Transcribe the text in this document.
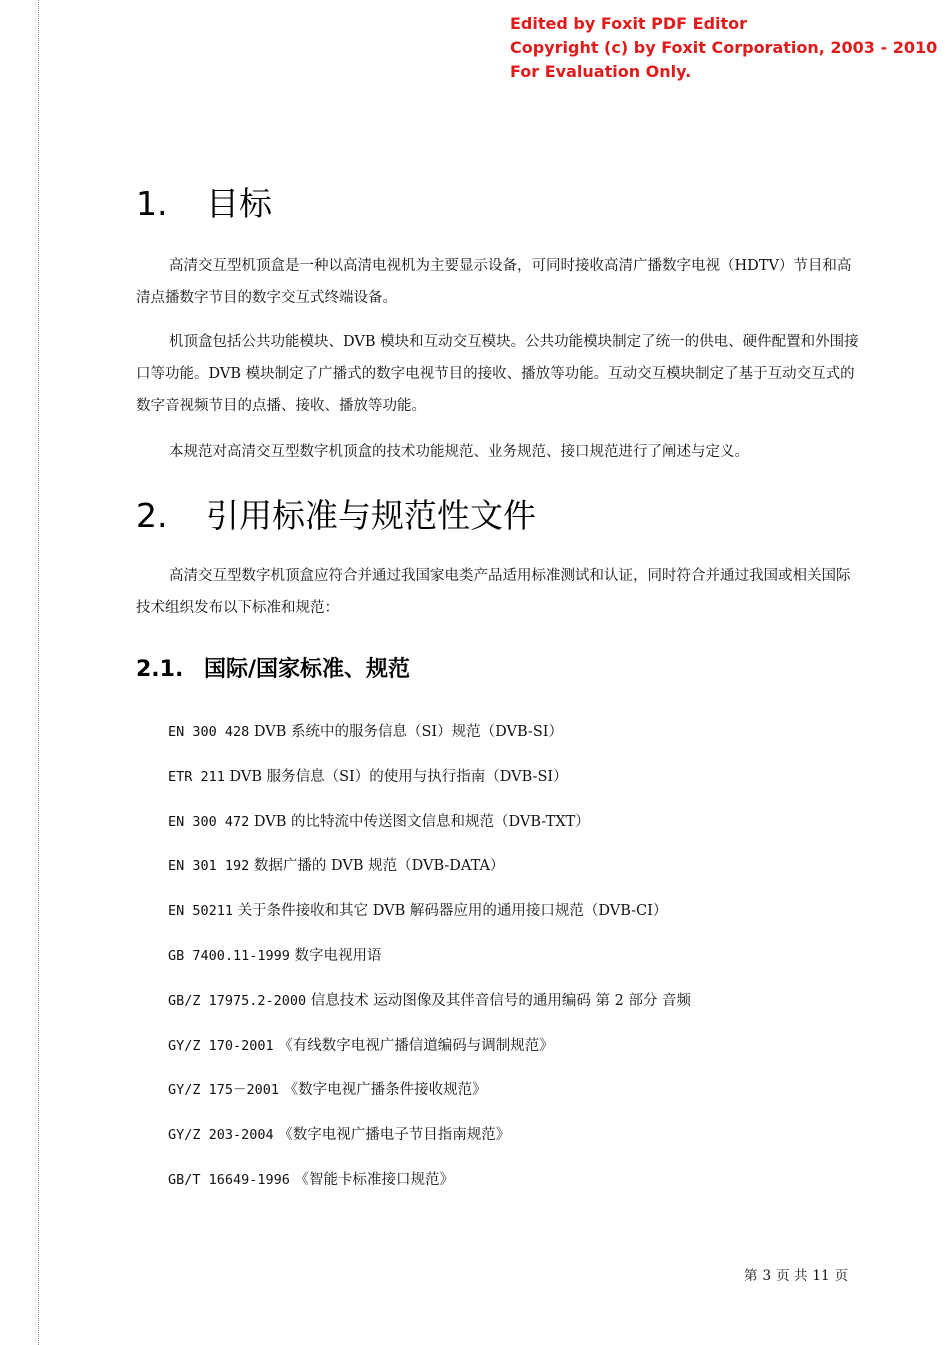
Edited by Foxit PDF Editor
Copyright (c) by Foxit Corporation, 2003 - 2010
For Evaluation Only.
1. 目标

高清交互型机顶盒是一种以高清电视机为主要显示设备，可同时接收高清广播数字电视（HDTV）节目和高清点播数字节目的数字交互式终端设备。

机顶盒包括公共功能模块、DVB 模块和互动交互模块。公共功能模块制定了统一的供电、硬件配置和外围接口等功能。DVB 模块制定了广播式的数字电视节目的接收、播放等功能。互动交互模块制定了基于互动交互式的数字音视频节目的点播、接收、播放等功能。

本规范对高清交互型数字机顶盒的技术功能规范、业务规范、接口规范进行了阐述与定义。

2. 引用标准与规范性文件

高清交互型数字机顶盒应符合并通过我国家电类产品适用标准测试和认证，同时符合并通过我国或相关国际技术组织发布以下标准和规范：

2.1. 国际/国家标准、规范
EN 300 428 DVB 系统中的服务信息（SI）规范（DVB-SI）
ETR 211 DVB 服务信息（SI）的使用与执行指南（DVB-SI）
EN 300 472 DVB 的比特流中传送图文信息和规范（DVB-TXT）
EN 301 192 数据广播的 DVB 规范（DVB-DATA）
EN 50211 关于条件接收和其它 DVB 解码器应用的通用接口规范（DVB-CI）
GB 7400.11-1999 数字电视用语
GB/Z 17975.2-2000 信息技术 运动图像及其伴音信号的通用编码 第 2 部分 音频
GY/Z 170-2001 《有线数字电视广播信道编码与调制规范》
GY/Z 175－2001 《数字电视广播条件接收规范》
GY/Z 203-2004 《数字电视广播电子节目指南规范》
GB/T 16649-1996 《智能卡标准接口规范》
第 3 页 共 11 页
